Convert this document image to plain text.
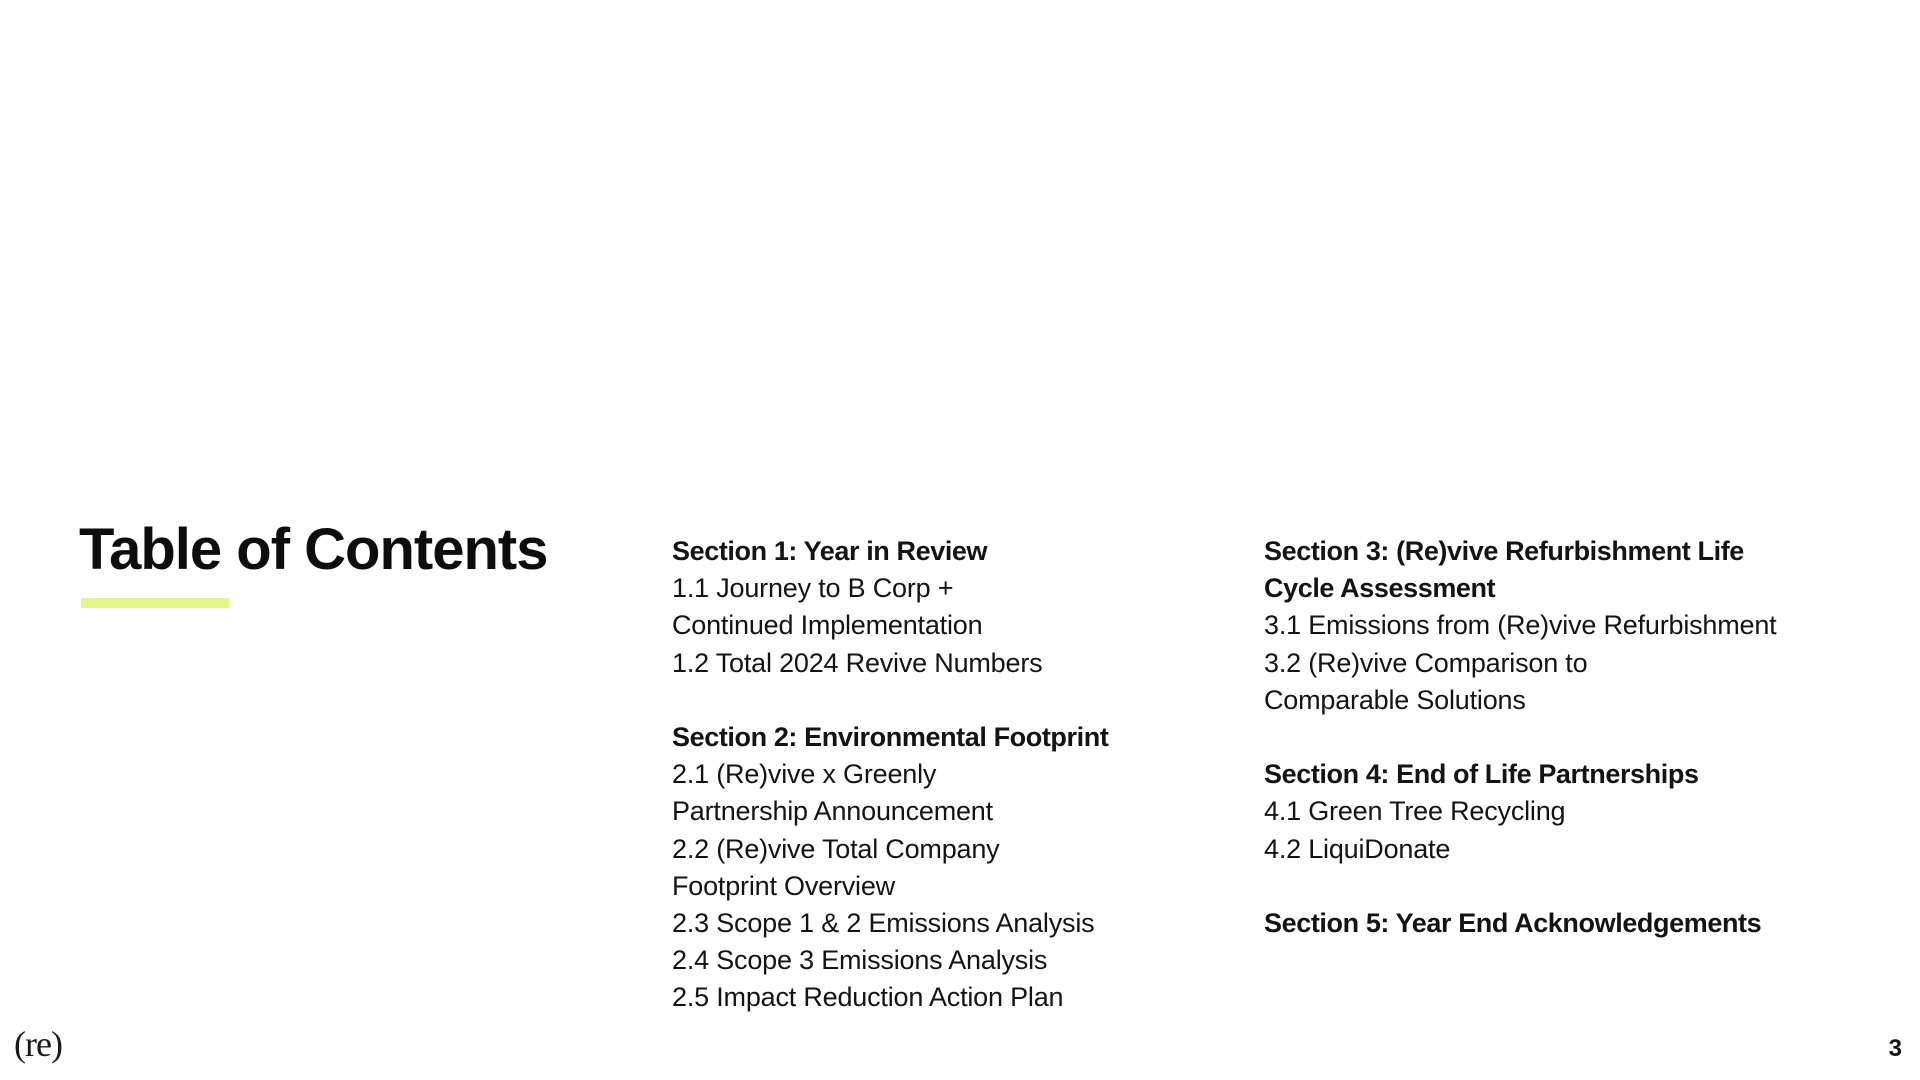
Table of Contents	Section 1: Year in Review
1.1 Journey to B Corp +
Continued Implementation
1.2 Total 2024 Revive Numbers
Section 2: Environmental Footprint
2.1 (Re)vive x Greenly
Partnership Announcement
2.2 (Re)vive Total Company
Footprint Overview
2.3 Scope 1 & 2 Emissions Analysis
2.4 Scope 3 Emissions Analysis
2.5 Impact Reduction Action Plan
Section 3: (Re)vive Refurbishment Life
Cycle Assessment
3.1 Emissions from (Re)vive Refurbishment
3.2 (Re)vive Comparison to
Comparable Solutions
Section 4: End of Life Partnerships
4.1 Green Tree Recycling
4.2 LiquiDonate
Section 5: Year End Acknowledgements
(re)	3
